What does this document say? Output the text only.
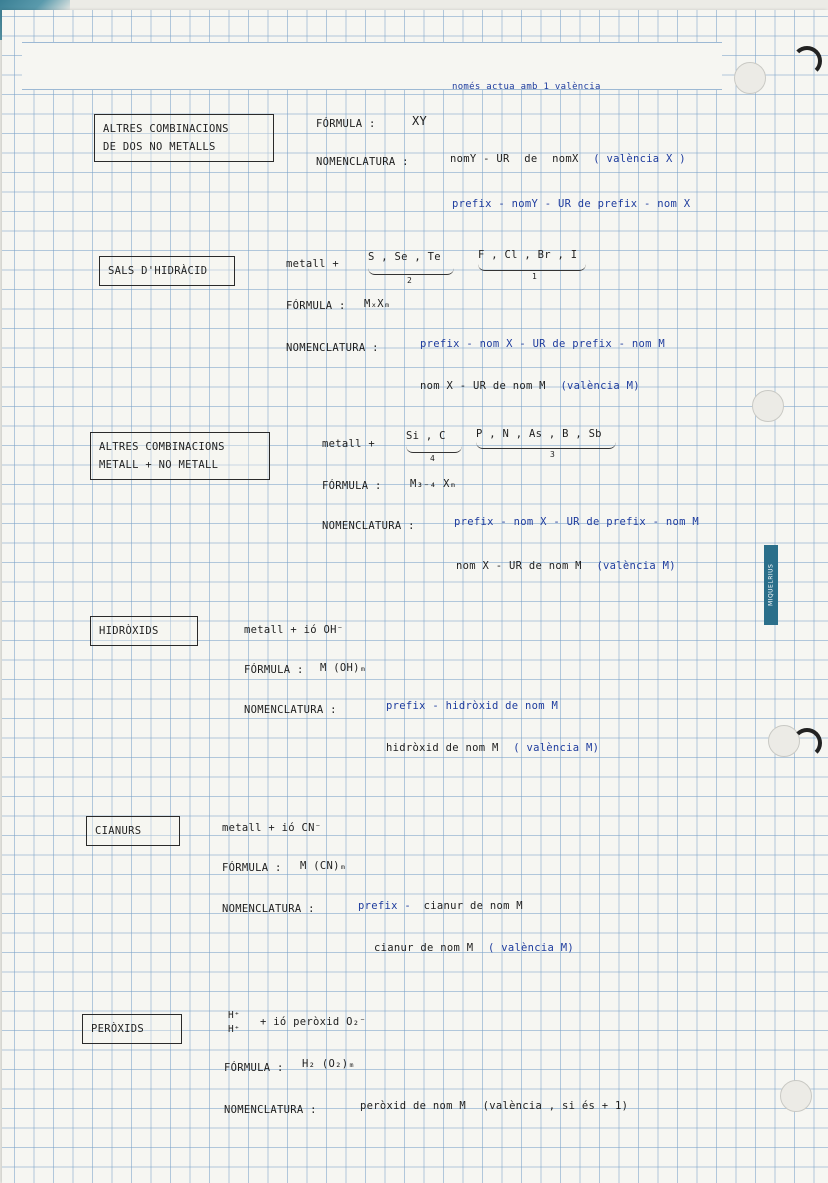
MIQUELRIUS
ALTRES COMBINACIONS
DE DOS NO METALLS
només actua amb 1 valència
FÓRMULA :	XY
NOMENCLATURA :	nomY - UR de nomX ( valència X )
prefix - nomY - UR de prefix - nom X
SALS D'HIDRÀCID
metall +
S , Se , Te
2
F , Cl , Br , I
1
FÓRMULA : MₓXₘ
NOMENCLATURA :	prefix - nom X - UR de prefix - nom M
nom X - UR de nom M (valència M)
ALTRES COMBINACIONS
METALL + NO METALL
metall +
Si , C
4
P , N , As , B , Sb
3
FÓRMULA :	M₃₋₄ Xₘ
NOMENCLATURA :	prefix - nom X - UR de prefix - nom M
nom X - UR de nom M (valència M)
HIDRÒXIDS	metall + ió OH⁻
FÓRMULA : M (OH)ₘ
NOMENCLATURA :	prefix - hidròxid de nom M
hidròxid de nom M ( valència M)
CIANURS	metall + ió CN⁻
FÓRMULA : M (CN)ₘ
NOMENCLATURA :	prefix - cianur de nom M
cianur de nom M ( valència M)
PERÒXIDS
H⁺
H⁺
+ ió peròxid O₂⁻
FÓRMULA : H₂ (O₂)ₘ
NOMENCLATURA :	peròxid de nom M (valència , si és + 1)
